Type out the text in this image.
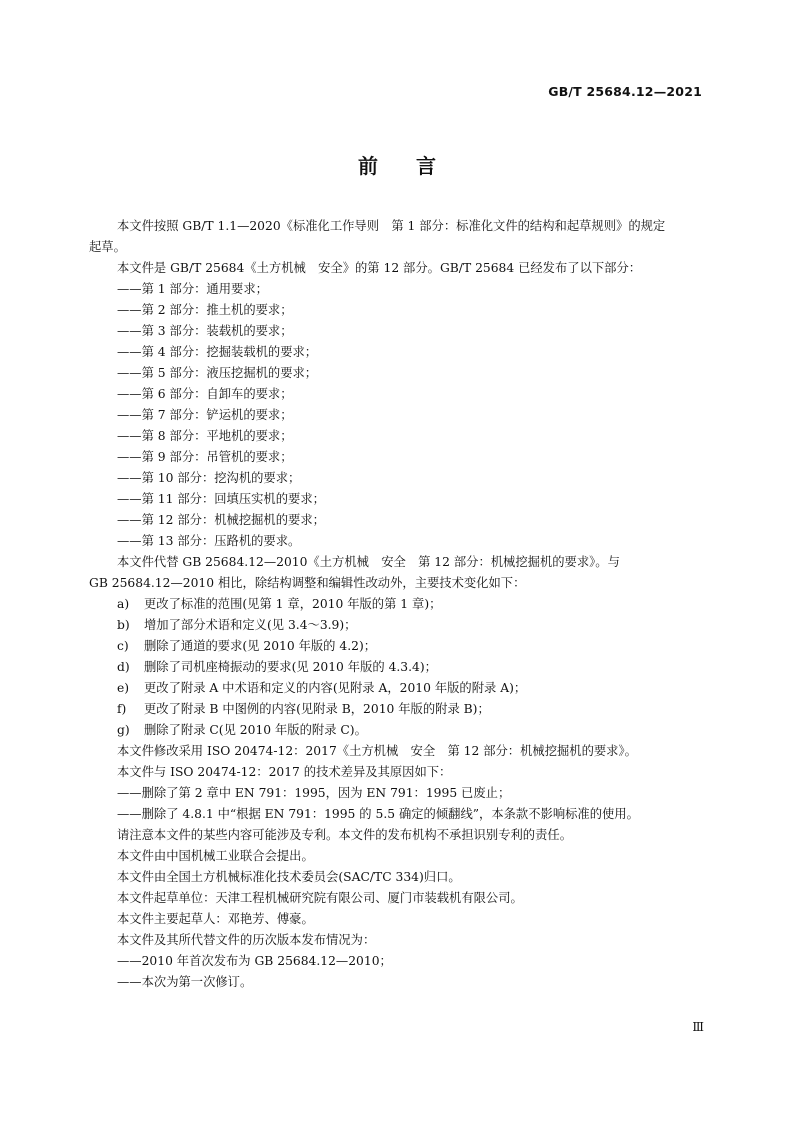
GB/T 25684.12—2021
前 言

本文件按照 GB/T 1.1—2020《标准化工作导则　第 1 部分：标准化文件的结构和起草规则》的规定

起草。

本文件是 GB/T 25684《土方机械　安全》的第 12 部分。GB/T 25684 已经发布了以下部分：

——第 1 部分：通用要求；

——第 2 部分：推土机的要求；

——第 3 部分：装载机的要求；

——第 4 部分：挖掘装载机的要求；

——第 5 部分：液压挖掘机的要求；

——第 6 部分：自卸车的要求；

——第 7 部分：铲运机的要求；

——第 8 部分：平地机的要求；

——第 9 部分：吊管机的要求；

——第 10 部分：挖沟机的要求；

——第 11 部分：回填压实机的要求；

——第 12 部分：机械挖掘机的要求；

——第 13 部分：压路机的要求。

本文件代替 GB 25684.12—2010《土方机械　安全　第 12 部分：机械挖掘机的要求》。与

GB 25684.12—2010 相比，除结构调整和编辑性改动外，主要技术变化如下：

a) 更改了标准的范围(见第 1 章，2010 年版的第 1 章)；

b) 增加了部分术语和定义(见 3.4～3.9)；

c) 删除了通道的要求(见 2010 年版的 4.2)；

d) 删除了司机座椅振动的要求(见 2010 年版的 4.3.4)；

e) 更改了附录 A 中术语和定义的内容(见附录 A，2010 年版的附录 A)；

f) 更改了附录 B 中图例的内容(见附录 B，2010 年版的附录 B)；

g) 删除了附录 C(见 2010 年版的附录 C)。

本文件修改采用 ISO 20474-12：2017《土方机械　安全　第 12 部分：机械挖掘机的要求》。

本文件与 ISO 20474-12：2017 的技术差异及其原因如下：

——删除了第 2 章中 EN 791：1995，因为 EN 791：1995 已废止；

——删除了 4.8.1 中“根据 EN 791：1995 的 5.5 确定的倾翻线”，本条款不影响标准的使用。

请注意本文件的某些内容可能涉及专利。本文件的发布机构不承担识别专利的责任。

本文件由中国机械工业联合会提出。

本文件由全国土方机械标准化技术委员会(SAC/TC 334)归口。

本文件起草单位：天津工程机械研究院有限公司、厦门市装载机有限公司。

本文件主要起草人：邓艳芳、傅豪。

本文件及其所代替文件的历次版本发布情况为：

——2010 年首次发布为 GB 25684.12—2010；

——本次为第一次修订。

Ⅲ
